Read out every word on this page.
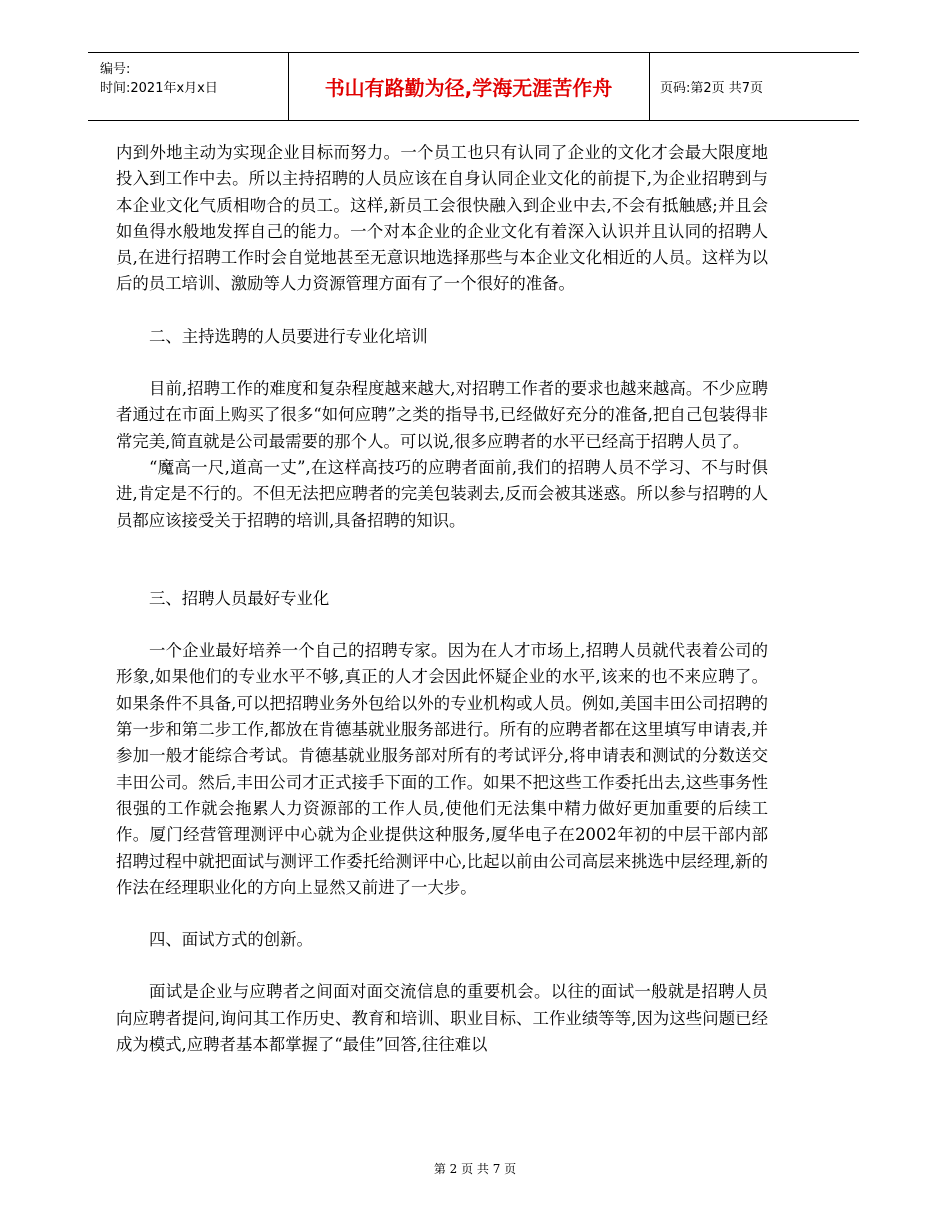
编号:
时间:2021年x月x日	书山有路勤为径,学海无涯苦作舟	页码:第2页 共7页

内到外地主动为实现企业目标而努力。一个员工也只有认同了企业的文化才会最大限度地投入到工作中去。所以主持招聘的人员应该在自身认同企业文化的前提下,为企业招聘到与本企业文化气质相吻合的员工。这样,新员工会很快融入到企业中去,不会有抵触感;并且会如鱼得水般地发挥自己的能力。一个对本企业的企业文化有着深入认识并且认同的招聘人员,在进行招聘工作时会自觉地甚至无意识地选择那些与本企业文化相近的人员。这样为以后的员工培训、激励等人力资源管理方面有了一个很好的准备。

二、主持选聘的人员要进行专业化培训

目前,招聘工作的难度和复杂程度越来越大,对招聘工作者的要求也越来越高。不少应聘者通过在市面上购买了很多“如何应聘”之类的指导书,已经做好充分的准备,把自己包装得非常完美,简直就是公司最需要的那个人。可以说,很多应聘者的水平已经高于招聘人员了。

“魔高一尺,道高一丈”,在这样高技巧的应聘者面前,我们的招聘人员不学习、不与时俱进,肯定是不行的。不但无法把应聘者的完美包装剥去,反而会被其迷惑。所以参与招聘的人员都应该接受关于招聘的培训,具备招聘的知识。

三、招聘人员最好专业化

一个企业最好培养一个自己的招聘专家。因为在人才市场上,招聘人员就代表着公司的形象,如果他们的专业水平不够,真正的人才会因此怀疑企业的水平,该来的也不来应聘了。如果条件不具备,可以把招聘业务外包给以外的专业机构或人员。例如,美国丰田公司招聘的第一步和第二步工作,都放在肯德基就业服务部进行。所有的应聘者都在这里填写申请表,并参加一般才能综合考试。肯德基就业服务部对所有的考试评分,将申请表和测试的分数送交丰田公司。然后,丰田公司才正式接手下面的工作。如果不把这些工作委托出去,这些事务性很强的工作就会拖累人力资源部的工作人员,使他们无法集中精力做好更加重要的后续工作。厦门经营管理测评中心就为企业提供这种服务,厦华电子在2002年初的中层干部内部招聘过程中就把面试与测评工作委托给测评中心,比起以前由公司高层来挑选中层经理,新的作法在经理职业化的方向上显然又前进了一大步。

四、面试方式的创新。

面试是企业与应聘者之间面对面交流信息的重要机会。以往的面试一般就是招聘人员向应聘者提问,询问其工作历史、教育和培训、职业目标、工作业绩等等,因为这些问题已经成为模式,应聘者基本都掌握了“最佳”回答,往往难以

第 2 页 共 7 页
